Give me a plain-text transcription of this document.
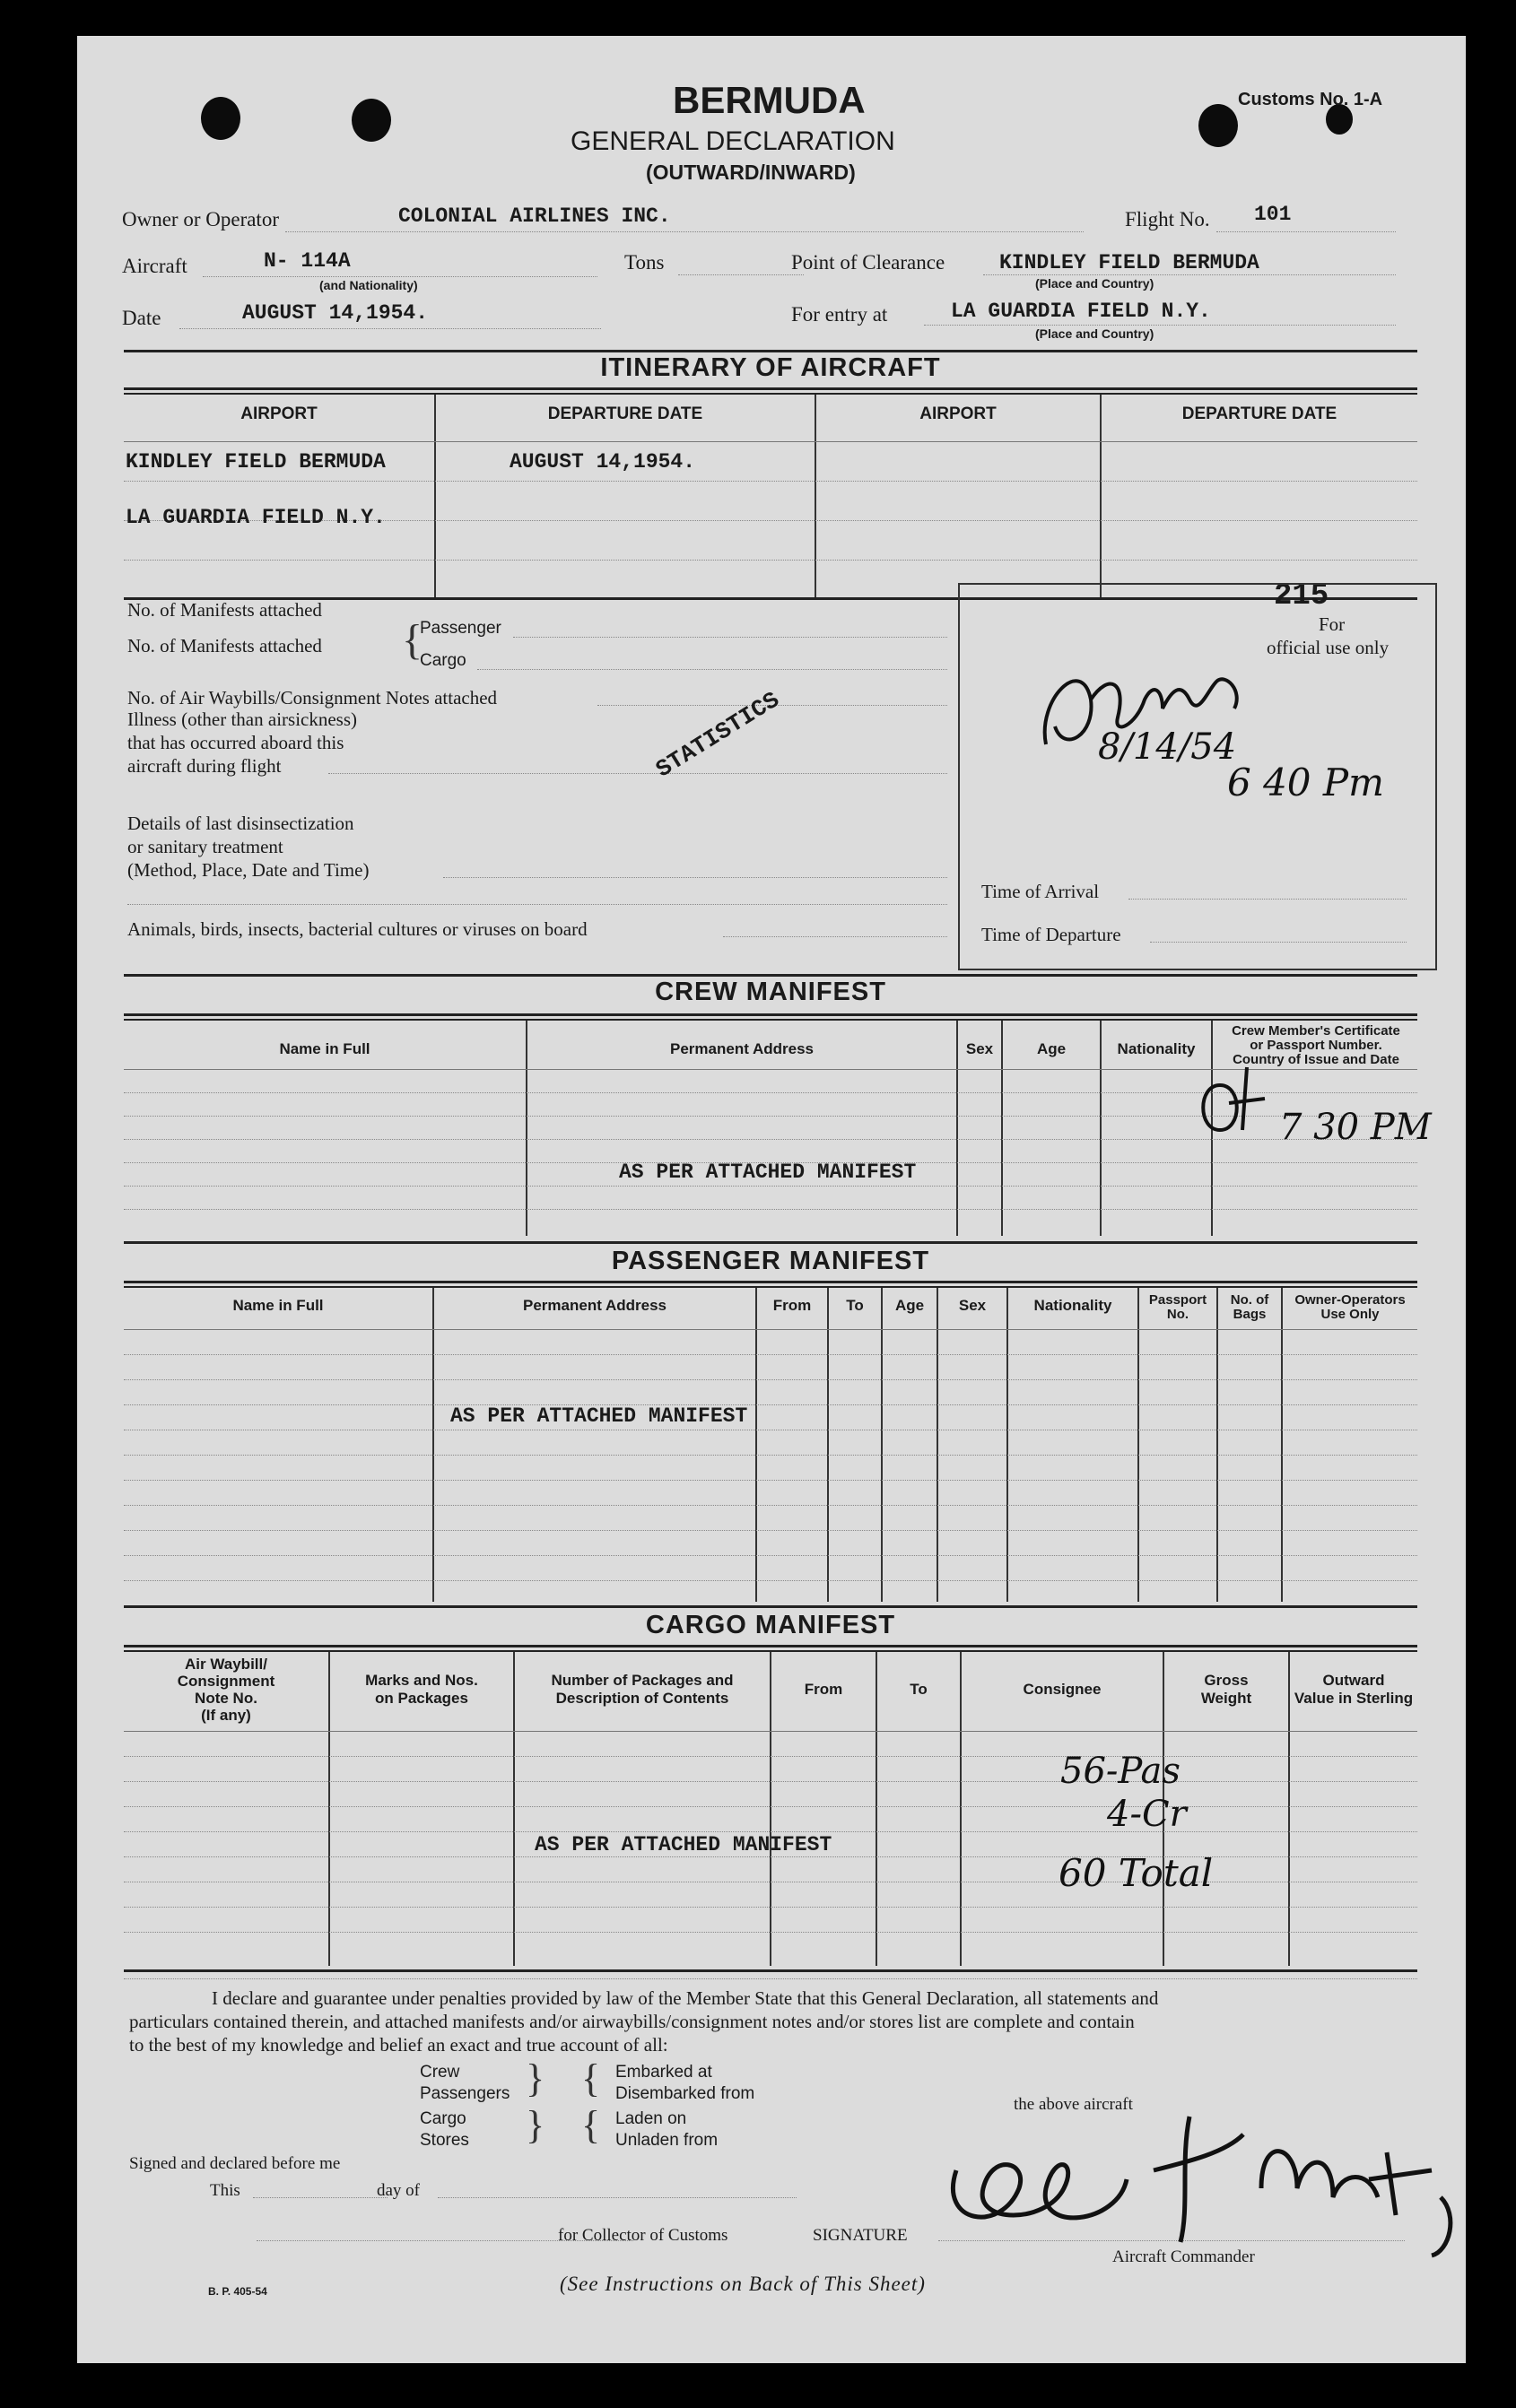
BERMUDA
GENERAL DECLARATION
(OUTWARD/INWARD)
Customs No. 1-A
Owner or Operator	COLONIAL AIRLINES INC.	Flight No. 101
Aircraft	N- 114A
(and Nationality)
Tons	Point of Clearance	KINDLEY FIELD BERMUDA
(Place and Country)
Date	AUGUST 14,1954.	For entry at	LA GUARDIA FIELD N.Y.
(Place and Country)
ITINERARY OF AIRCRAFT
AIRPORT	DEPARTURE DATE	AIRPORT	DEPARTURE DATE
KINDLEY FIELD BERMUDA	AUGUST 14,1954.
LA GUARDIA FIELD N.Y.
No. of Manifests attached
No. of Manifests attached {
Passenger
Cargo
No. of Air Waybills/Consignment Notes attached
Illness (other than airsickness)
that has occurred aboard this
aircraft during flight
Details of last disinsectization
or sanitary treatment
(Method, Place, Date and Time)
Animals, birds, insects, bacterial cultures or viruses on board
STATISTICS
215
For
official use only
8/14/54
6 40 Pm
Time of Arrival
Time of Departure
CREW MANIFEST
Name in Full	Permanent Address	Sex	Age	Nationality
Crew Member's Certificate
or Passport Number.
Country of Issue and Date
AS PER ATTACHED MANIFEST
7 30 PM
PASSENGER MANIFEST
Name in Full	Permanent Address	From	To	Age	Sex	Nationality	Passport
No.
No. of
Bags
Owner-Operators
Use Only
AS PER ATTACHED MANIFEST
CARGO MANIFEST
Air Waybill/
Consignment
Note No.
(If any)
Marks and Nos.
on Packages
Number of Packages and
Description of Contents
From	To	Consignee
Gross
Weight
Outward
Value in Sterling
AS PER ATTACHED MANIFEST
56-Pas
4-Cr
60 Total
I declare and guarantee under penalties provided by law of the Member State that this General Declaration, all statements and
particulars contained therein, and attached manifests and/or airwaybills/consignment notes and/or stores list are complete and contain
to the best of my knowledge and belief an exact and true account of all:
Crew
Passengers
Cargo
Stores
Embarked at
Disembarked from
Laden on
Unladen from
} {
} {	the above aircraft
Signed and declared before me
This	day of
for Collector of Customs	SIGNATURE
Aircraft Commander
B. P. 405-54	(See Instructions on Back of This Sheet)
